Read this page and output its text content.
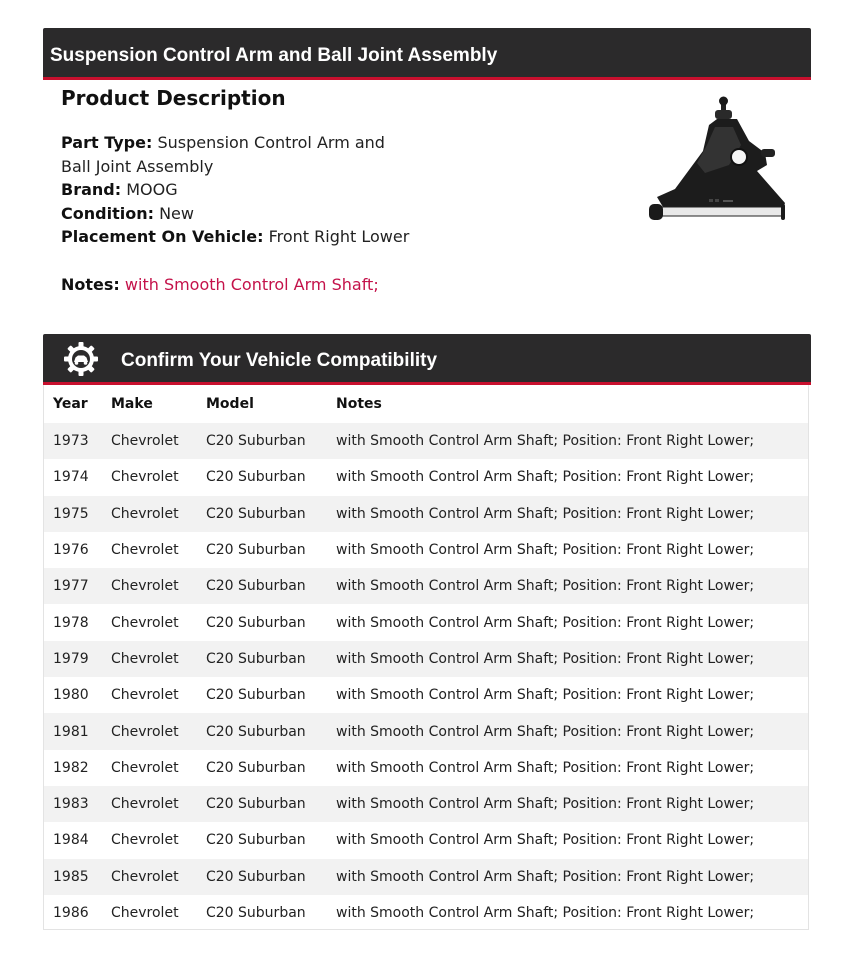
Suspension Control Arm and Ball Joint Assembly
Product Description
Part Type: Suspension Control Arm and Ball Joint Assembly
Brand: MOOG
Condition: New
Placement On Vehicle: Front Right Lower
Notes: with Smooth Control Arm Shaft;
Confirm Your Vehicle Compatibility
Year	Make	Model	Notes
1973	Chevrolet	C20 Suburban	with Smooth Control Arm Shaft; Position: Front Right Lower;
1974	Chevrolet	C20 Suburban	with Smooth Control Arm Shaft; Position: Front Right Lower;
1975	Chevrolet	C20 Suburban	with Smooth Control Arm Shaft; Position: Front Right Lower;
1976	Chevrolet	C20 Suburban	with Smooth Control Arm Shaft; Position: Front Right Lower;
1977	Chevrolet	C20 Suburban	with Smooth Control Arm Shaft; Position: Front Right Lower;
1978	Chevrolet	C20 Suburban	with Smooth Control Arm Shaft; Position: Front Right Lower;
1979	Chevrolet	C20 Suburban	with Smooth Control Arm Shaft; Position: Front Right Lower;
1980	Chevrolet	C20 Suburban	with Smooth Control Arm Shaft; Position: Front Right Lower;
1981	Chevrolet	C20 Suburban	with Smooth Control Arm Shaft; Position: Front Right Lower;
1982	Chevrolet	C20 Suburban	with Smooth Control Arm Shaft; Position: Front Right Lower;
1983	Chevrolet	C20 Suburban	with Smooth Control Arm Shaft; Position: Front Right Lower;
1984	Chevrolet	C20 Suburban	with Smooth Control Arm Shaft; Position: Front Right Lower;
1985	Chevrolet	C20 Suburban	with Smooth Control Arm Shaft; Position: Front Right Lower;
1986	Chevrolet	C20 Suburban	with Smooth Control Arm Shaft; Position: Front Right Lower;
